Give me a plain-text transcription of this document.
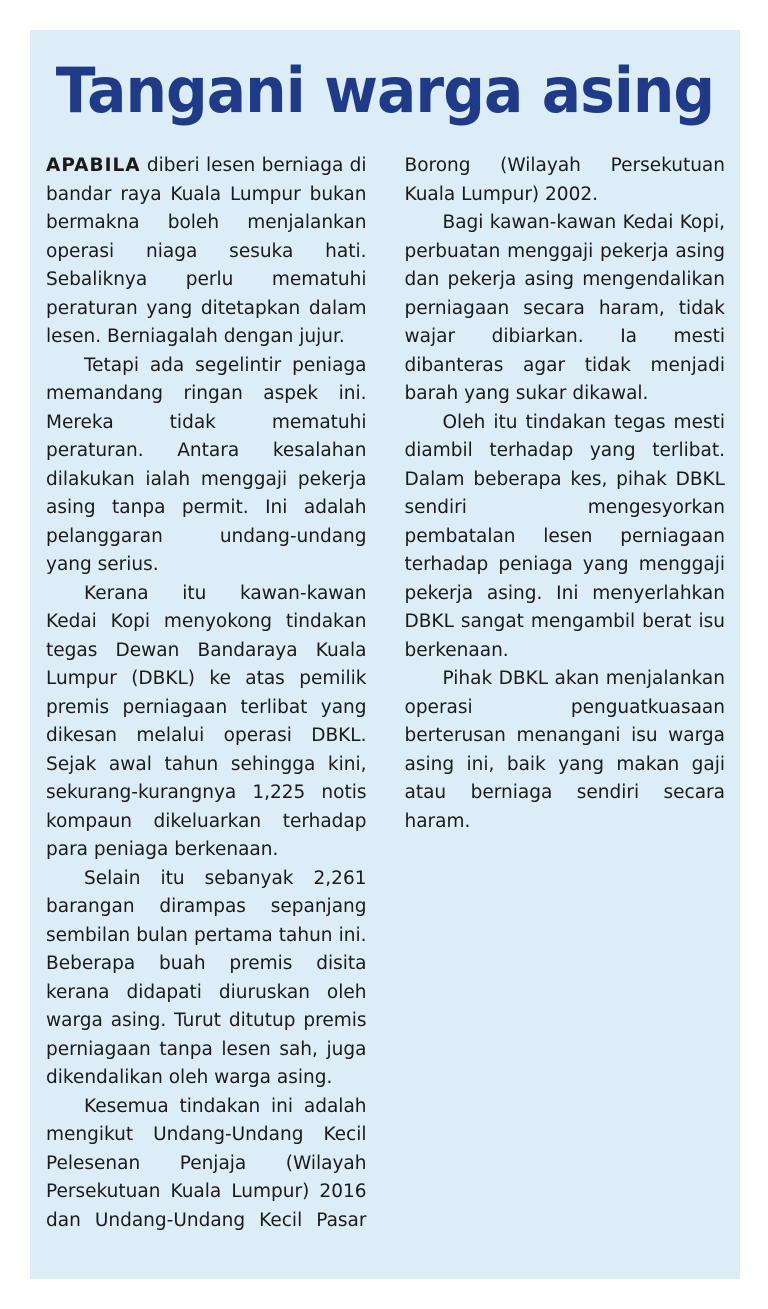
Tangani warga asing

APABILA diberi lesen berniaga di bandar raya Kuala Lumpur bukan bermakna boleh menjalankan operasi niaga sesuka hati. Sebaliknya perlu mematuhi peraturan yang ditetapkan dalam lesen. Berniagalah dengan jujur.

Tetapi ada segelintir peniaga memandang ringan aspek ini. Mereka tidak mematuhi peraturan. Antara kesalahan dilakukan ialah menggaji pekerja asing tanpa permit. Ini adalah pelanggaran undang-undang yang serius.

Kerana itu kawan-kawan Kedai Kopi menyokong tindakan tegas Dewan Bandaraya Kuala Lumpur (DBKL) ke atas pemilik premis perniagaan terlibat yang dikesan melalui operasi DBKL. Sejak awal tahun sehingga kini, sekurang-kurangnya 1,225 notis kompaun dikeluarkan terhadap para peniaga berkenaan.

Selain itu sebanyak 2,261 barangan dirampas sepanjang sembilan bulan pertama tahun ini. Beberapa buah premis disita kerana didapati diuruskan oleh warga asing. Turut ditutup premis perniagaan tanpa lesen sah, juga dikendalikan oleh warga asing.

Kesemua tindakan ini adalah mengikut Undang-Undang Kecil Pelesenan Penjaja (Wilayah Persekutuan Kuala Lumpur) 2016 dan Undang-Undang Kecil Pasar Borong (Wilayah Persekutuan Kuala Lumpur) 2002.

Bagi kawan-kawan Kedai Kopi, perbuatan menggaji pekerja asing dan pekerja asing mengendalikan perniagaan secara haram, tidak wajar dibiarkan. Ia mesti dibanteras agar tidak menjadi barah yang sukar dikawal.

Oleh itu tindakan tegas mesti diambil terhadap yang terlibat. Dalam beberapa kes, pihak DBKL sendiri mengesyorkan pembatalan lesen perniagaan terhadap peniaga yang menggaji pekerja asing. Ini menyerlahkan DBKL sangat mengambil berat isu berkenaan.

Pihak DBKL akan menjalankan operasi penguatkuasaan berterusan menangani isu warga asing ini, baik yang makan gaji atau berniaga sendiri secara haram.
